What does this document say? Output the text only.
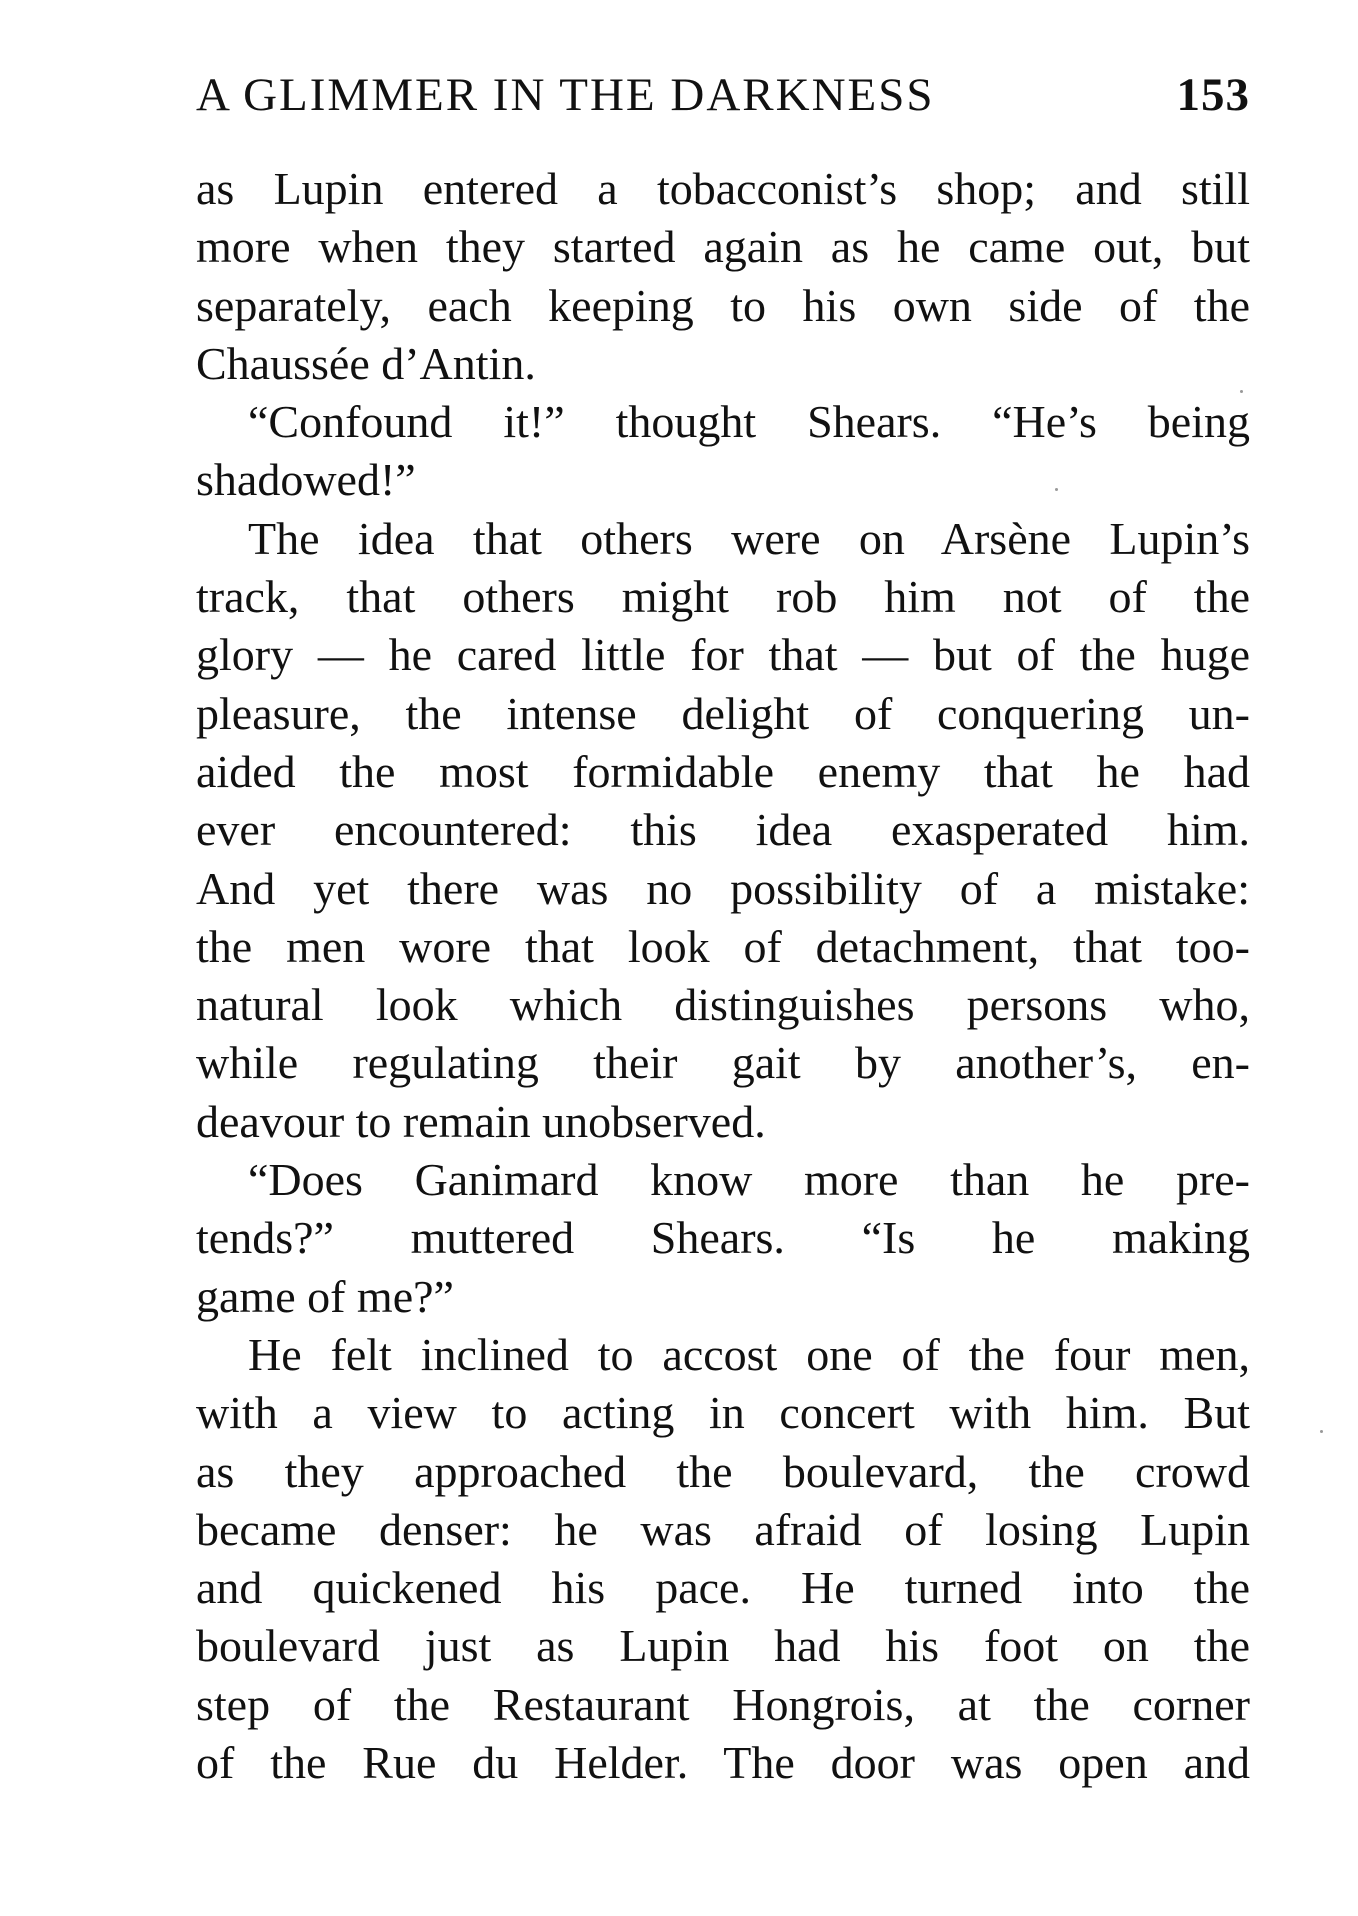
A GLIMMER IN THE DARKNESS	153
as Lupin entered a tobacconist’s shop; and still
more when they started again as he came out, but
separately, each keeping to his own side of the
Chaussée d’Antin.
“Confound it!” thought Shears. “He’s being
shadowed!”
The idea that others were on Arsène Lupin’s
track, that others might rob him not of the
glory — he cared little for that — but of the huge
pleasure, the intense delight of conquering un-
aided the most formidable enemy that he had
ever encountered: this idea exasperated him.
And yet there was no possibility of a mistake:
the men wore that look of detachment, that too-
natural look which distinguishes persons who,
while regulating their gait by another’s, en-
deavour to remain unobserved.
“Does Ganimard know more than he pre-
tends?” muttered Shears. “Is he making
game of me?”
He felt inclined to accost one of the four men,
with a view to acting in concert with him. But
as they approached the boulevard, the crowd
became denser: he was afraid of losing Lupin
and quickened his pace. He turned into the
boulevard just as Lupin had his foot on the
step of the Restaurant Hongrois, at the corner
of the Rue du Helder. The door was open and
